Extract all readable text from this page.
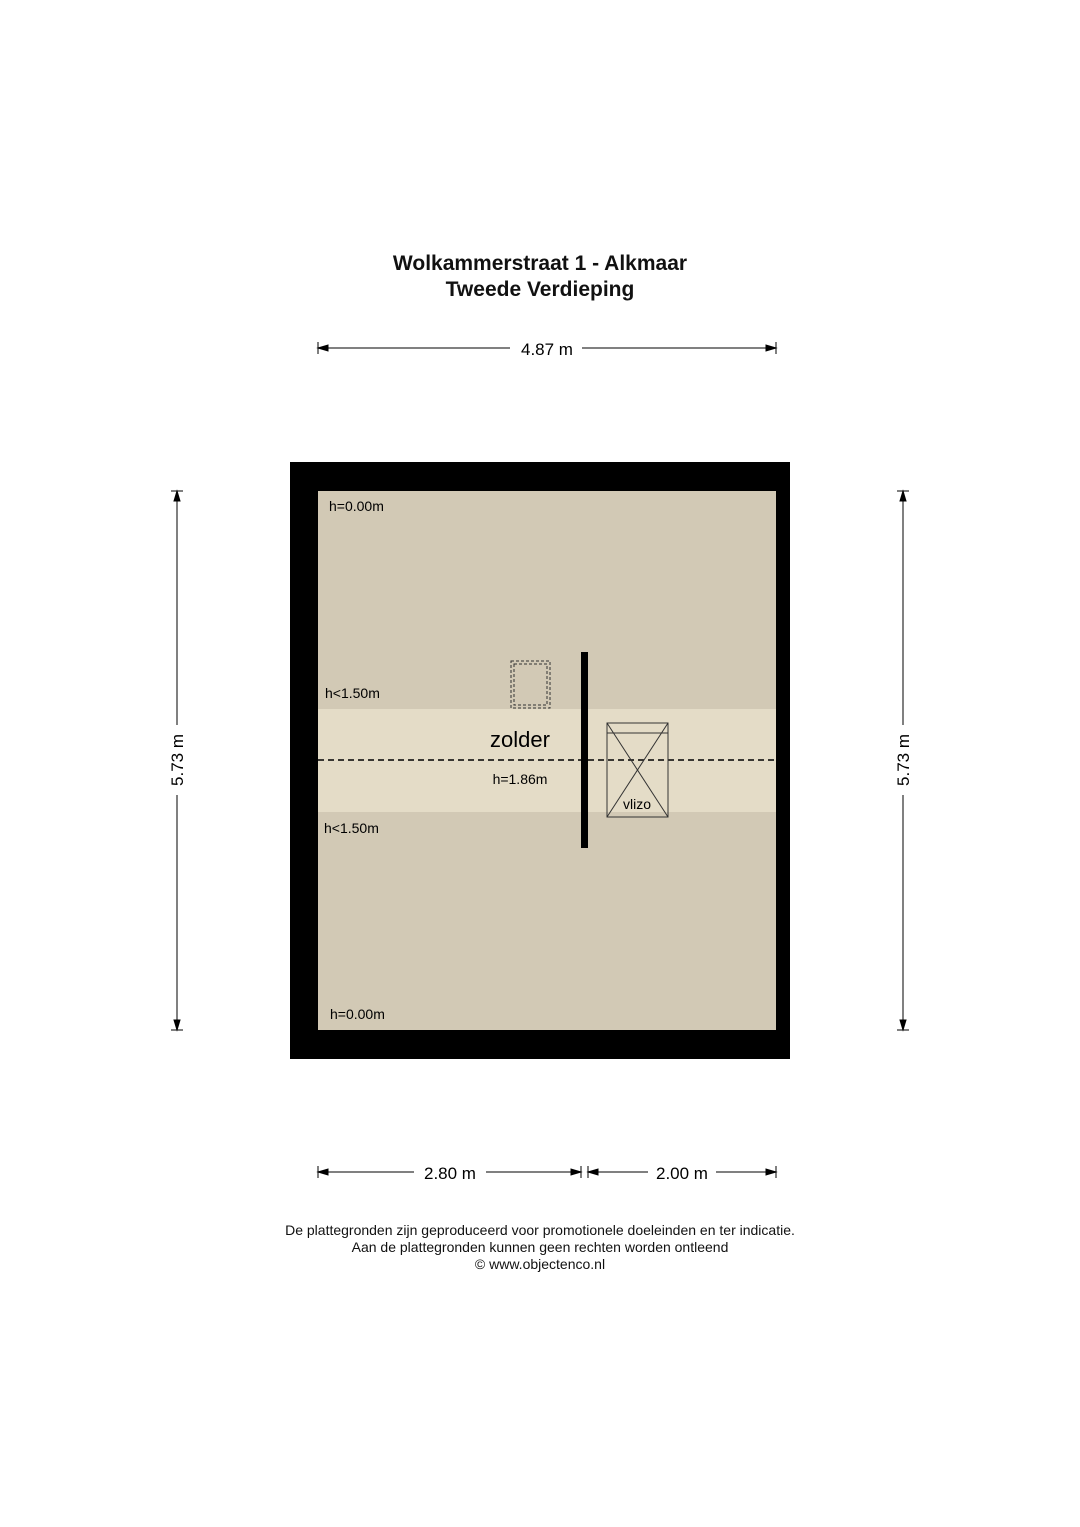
Wolkammerstraat 1 - Alkmaar
Tweede Verdieping
4.87 m
5.73 m	5.73 m
vlizo
h=0.00m
h<1.50m
zolder
h=1.86m
h<1.50m
h=0.00m
2.80 m	2.00 m
De plattegronden zijn geproduceerd voor promotionele doeleinden en ter indicatie.
Aan de plattegronden kunnen geen rechten worden ontleend
© www.objectenco.nl
